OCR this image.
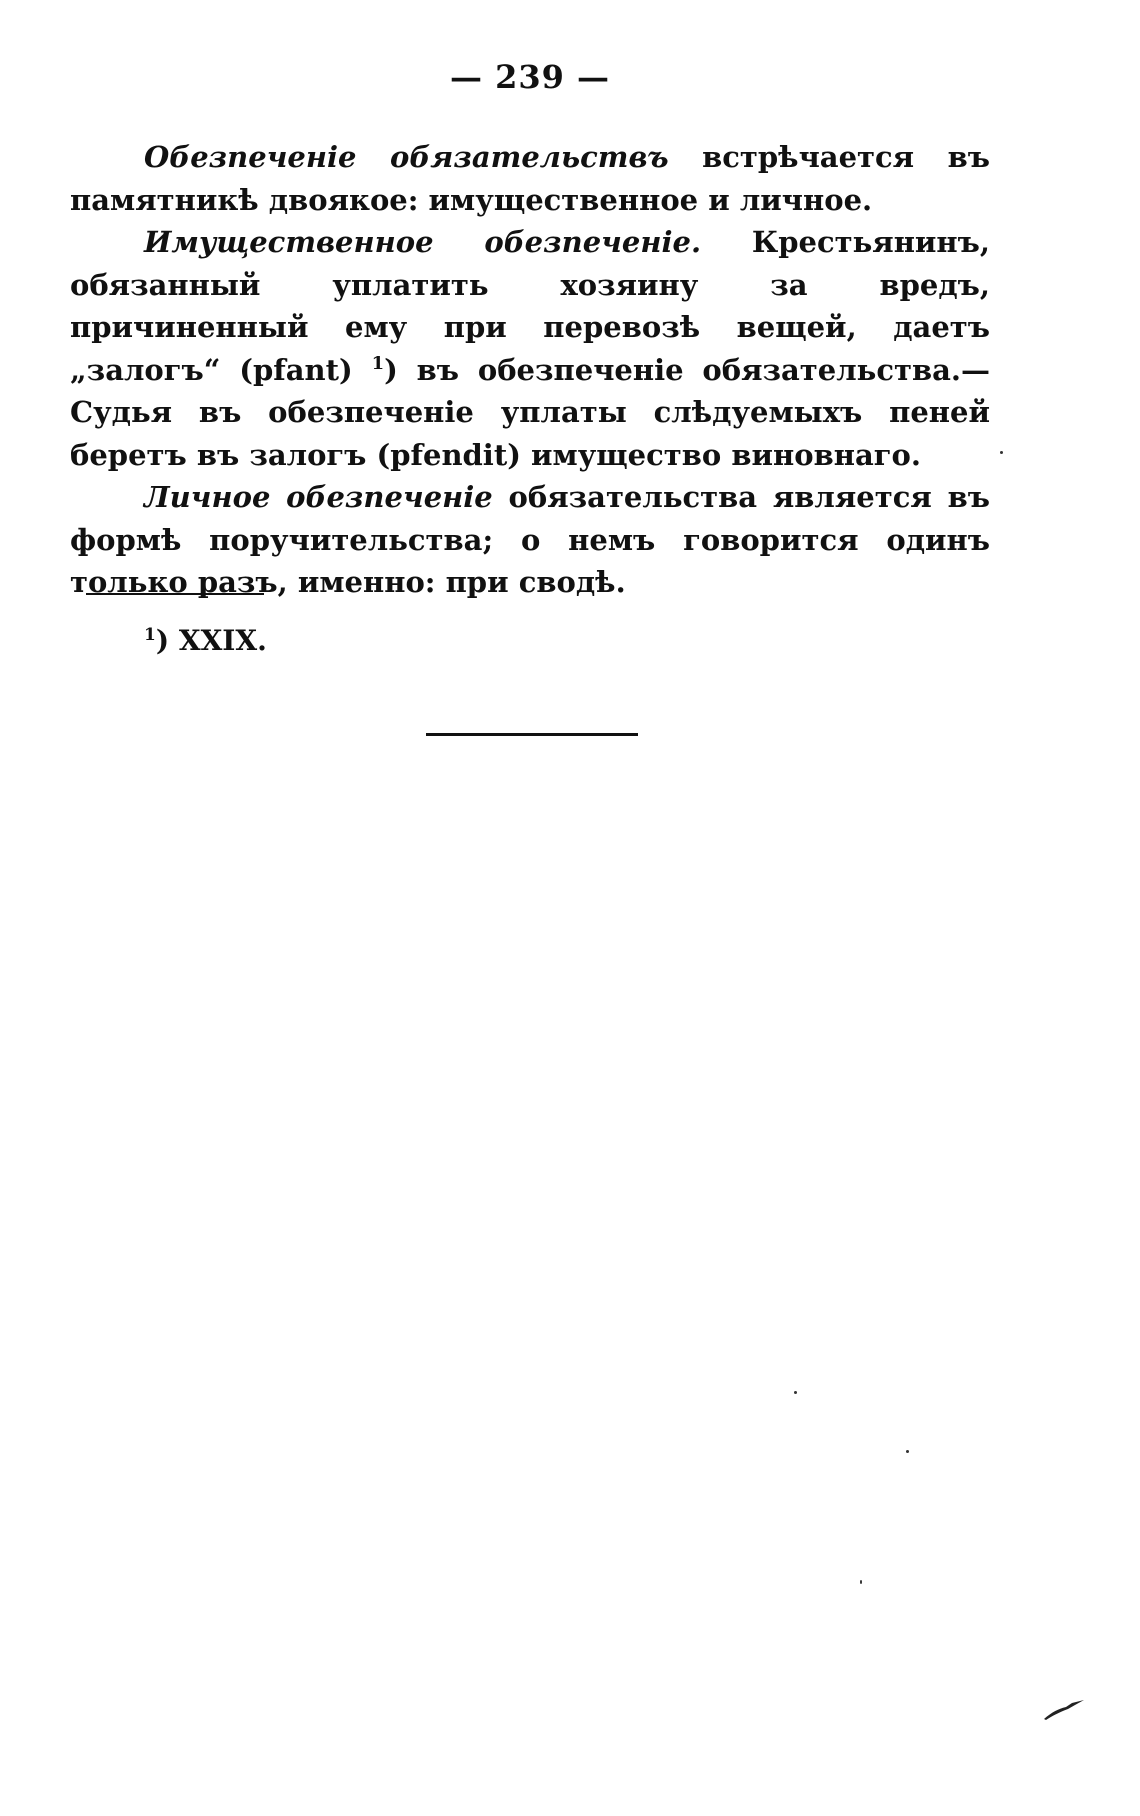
— 239 —

Обезпеченіе обязательствъ встрѣчается въ памятникѣ двоякое: имущественное и личное.

Имущественное обезпеченіе. Крестьянинъ, обязанный уплатить хозяину за вредъ, причиненный ему при перевозѣ вещей, даетъ „залогъ“ (pfant) $^1$) въ обезпеченіе обязательства.—Судья въ обезпеченіе уплаты слѣдуемыхъ пеней беретъ въ залогъ (pfendit) имущество виновнаго.

Личное обезпеченіе обязательства является въ формѣ поручительства; о немъ говорится одинъ только разъ, именно: при сводѣ.

$^1$) XXIX.
